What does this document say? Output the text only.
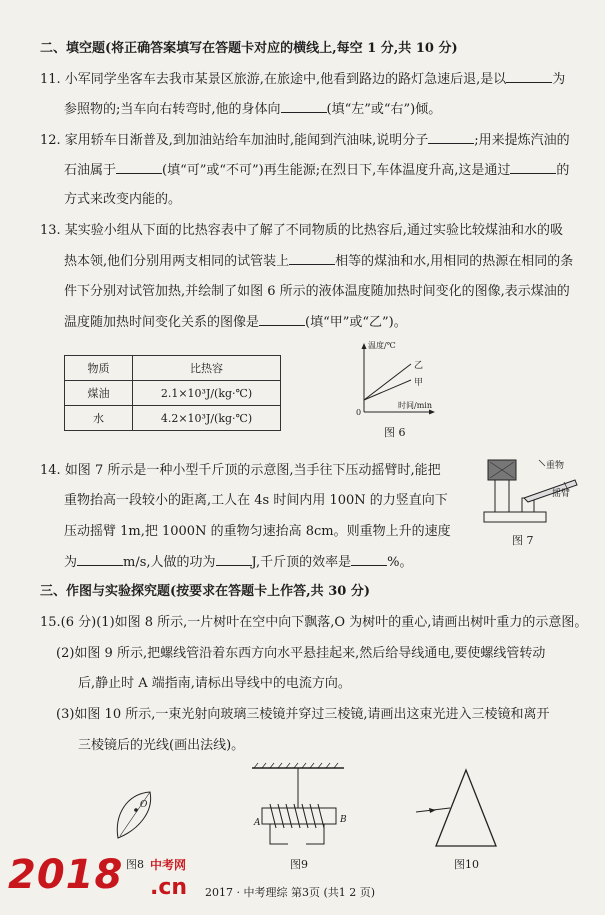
二、填空题(将正确答案填写在答题卡对应的横线上,每空 1 分,共 10 分)
11. 小军同学坐客车去我市某景区旅游,在旅途中,他看到路边的路灯急速后退,是以	为
参照物的;当车向右转弯时,他的身体向	(填“左”或“右”)倾。
12. 家用轿车日渐普及,到加油站给车加油时,能闻到汽油味,说明分子	;用来提炼汽油的
石油属于	(填“可”或“不可”)再生能源;在烈日下,车体温度升高,这是通过	的
方式来改变内能的。
13. 某实验小组从下面的比热容表中了解了不同物质的比热容后,通过实验比较煤油和水的吸
热本领,他们分别用两支相同的试管装上	相等的煤油和水,用相同的热源在相同的条
件下分别对试管加热,并绘制了如图 6 所示的液体温度随加热时间变化的图像,表示煤油的
温度随加热时间变化关系的图像是	(填“甲”或“乙”)。
物质	比热容
煤油	2.1×10³J/(kg·℃)
水	4.2×10³J/(kg·℃)
温度/℃
时间/min
乙
甲
0
图 6
14. 如图 7 所示是一种小型千斤顶的示意图,当手往下压动摇臂时,能把
重物抬高一段较小的距离,工人在 4s 时间内用 100N 的力竖直向下
压动摇臂 1m,把 1000N 的重物匀速抬高 8cm。则重物上升的速度
为	m/s,人做的功为	J,千斤顶的效率是	%。
重物
摇臂
图 7
三、作图与实验探究题(按要求在答题卡上作答,共 30 分)
15.(6 分)(1)如图 8 所示,一片树叶在空中向下飘落,O 为树叶的重心,请画出树叶重力的示意图。
(2)如图 9 所示,把螺线管沿着东西方向水平悬挂起来,然后给导线通电,要使螺线管转动
后,静止时 A 端指南,请标出导线中的电流方向。
(3)如图 10 所示,一束光射向玻璃三棱镜并穿过三棱镜,请画出这束光进入三棱镜和离开
三棱镜后的光线(画出法线)。
O
图8
A	B
图9	图10
2018 中考网
.cn 2017 · 中考理综 第3页 (共1 2 页)
